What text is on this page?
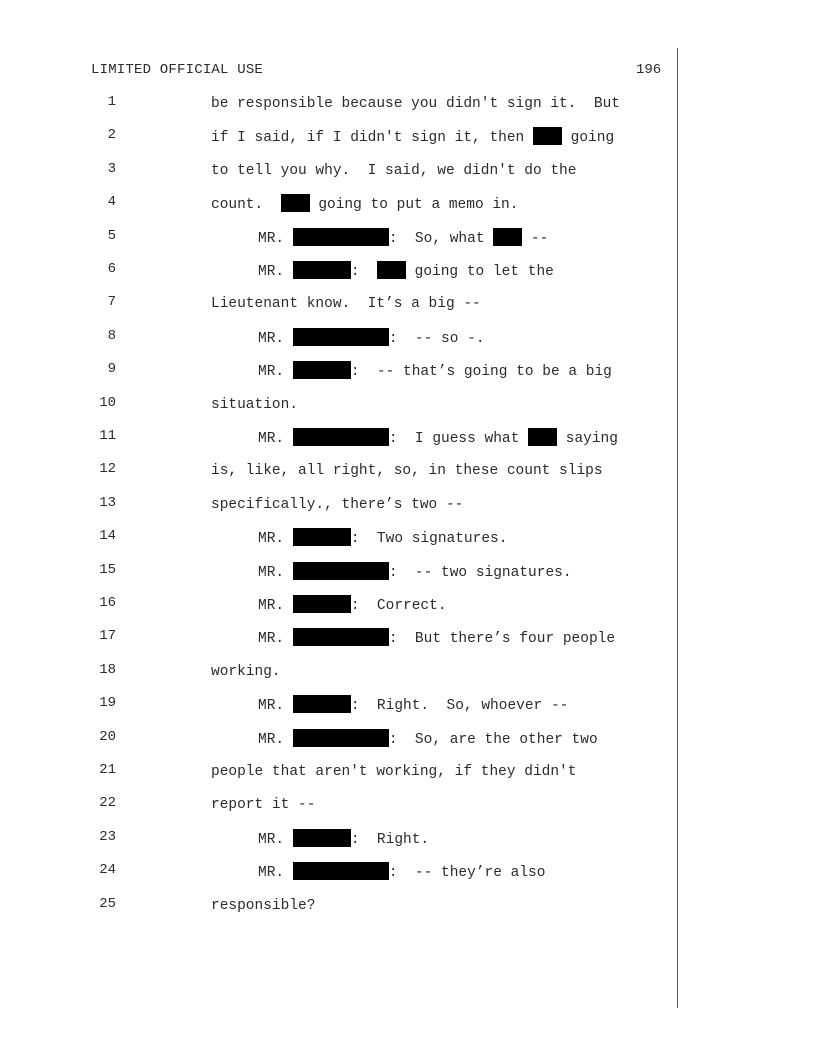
LIMITED OFFICIAL USE	196
1	be responsible because you didn't sign it.  But
2	if I said, if I didn't sign it, then  going
3	to tell you why.  I said, we didn't do the
4	count.   going to put a memo in.
5	MR.	:  So, what  --
6	MR.	:   going to let the
7	Lieutenant know.  It’s a big --
8	MR.	:  -- so -.
9	MR.	:  -- that’s going to be a big
10	situation.
11	MR.	:  I guess what  saying
12	is, like, all right, so, in these count slips
13	specifically., there’s two --
14	MR.	:  Two signatures.
15	MR.	:  -- two signatures.
16	MR.	:  Correct.
17	MR.	:  But there’s four people
18	working.
19	MR.	:  Right.  So, whoever --
20	MR.	:  So, are the other two
21	people that aren't working, if they didn't
22	report it --
23	MR.	:  Right.
24	MR.	:  -- they’re also
25	responsible?
